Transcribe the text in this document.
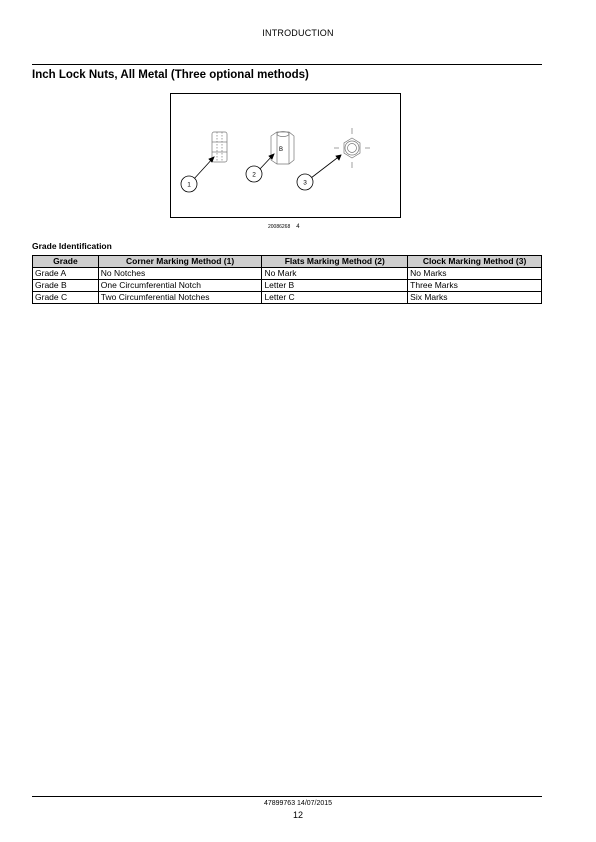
INTRODUCTION
Inch Lock Nuts, All Metal (Three optional methods)
B
1
2
3
20086268 4
Grade Identification
Grade	Corner Marking Method (1)	Flats Marking Method (2)	Clock Marking Method (3)
Grade A	No Notches	No Mark	No Marks
Grade B	One Circumferential Notch	Letter B	Three Marks
Grade C	Two Circumferential Notches	Letter C	Six Marks
47899763 14/07/2015
12
